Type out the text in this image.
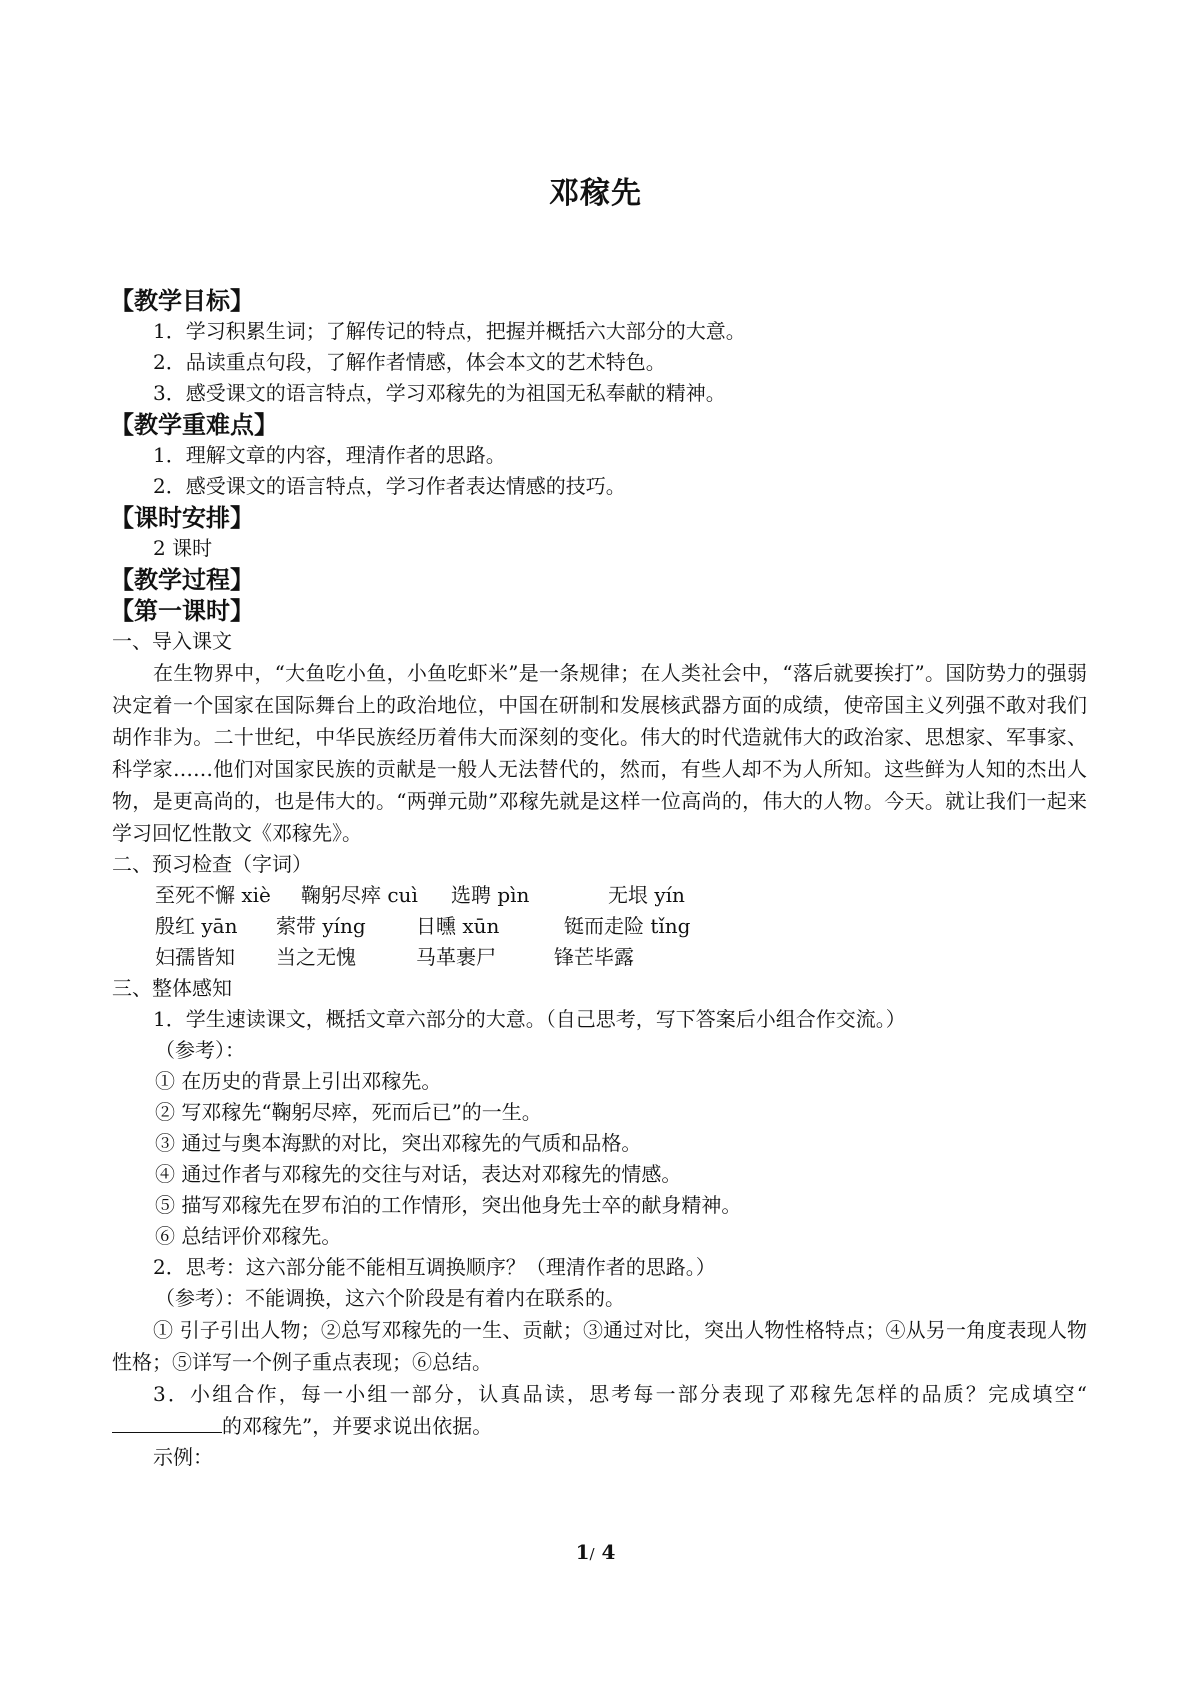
邓稼先
【教学目标】
1．学习积累生词；了解传记的特点，把握并概括六大部分的大意。
2．品读重点句段，了解作者情感，体会本文的艺术特色。
3．感受课文的语言特点，学习邓稼先的为祖国无私奉献的精神。
【教学重难点】
1．理解文章的内容，理清作者的思路。
2．感受课文的语言特点，学习作者表达情感的技巧。
【课时安排】
2 课时
【教学过程】
【第一课时】
一、导入课文

在生物界中，“大鱼吃小鱼，小鱼吃虾米”是一条规律；在人类社会中，“落后就要挨打”。国防势力的强弱决定着一个国家在国际舞台上的政治地位，中国在研制和发展核武器方面的成绩，使帝国主义列强不敢对我们胡作非为。二十世纪，中华民族经历着伟大而深刻的变化。伟大的时代造就伟大的政治家、思想家、军事家、科学家……他们对国家民族的贡献是一般人无法替代的，然而，有些人却不为人所知。这些鲜为人知的杰出人物，是更高尚的，也是伟大的。“两弹元勋”邓稼先就是这样一位高尚的，伟大的人物。今天。就让我们一起来学习回忆性散文《邓稼先》。

二、预习检查（字词）
至死不懈 xiè	鞠躬尽瘁 cuì	选聘 pìn	无垠 yín
殷红 yān	萦带 yíng	日曛 xūn	铤而走险 tǐng
妇孺皆知	当之无愧	马革裹尸	锋芒毕露
三、整体感知
1．学生速读课文，概括文章六部分的大意。（自己思考，写下答案后小组合作交流。）
（参考）：
① 在历史的背景上引出邓稼先。
② 写邓稼先“鞠躬尽瘁，死而后已”的一生。
③ 通过与奥本海默的对比，突出邓稼先的气质和品格。
④ 通过作者与邓稼先的交往与对话，表达对邓稼先的情感。
⑤ 描写邓稼先在罗布泊的工作情形，突出他身先士卒的献身精神。
⑥ 总结评价邓稼先。
2．思考：这六部分能不能相互调换顺序？（理清作者的思路。）
（参考）：不能调换，这六个阶段是有着内在联系的。

① 引子引出人物；②总写邓稼先的一生、贡献；③通过对比，突出人物性格特点；④从另一角度表现人物性格；⑤详写一个例子重点表现；⑥总结。

3．小组合作，每一小组一部分，认真品读，思考每一部分表现了邓稼先怎样的品质？完成填空“的邓稼先”，并要求说出依据。

示例：
1/ 4
